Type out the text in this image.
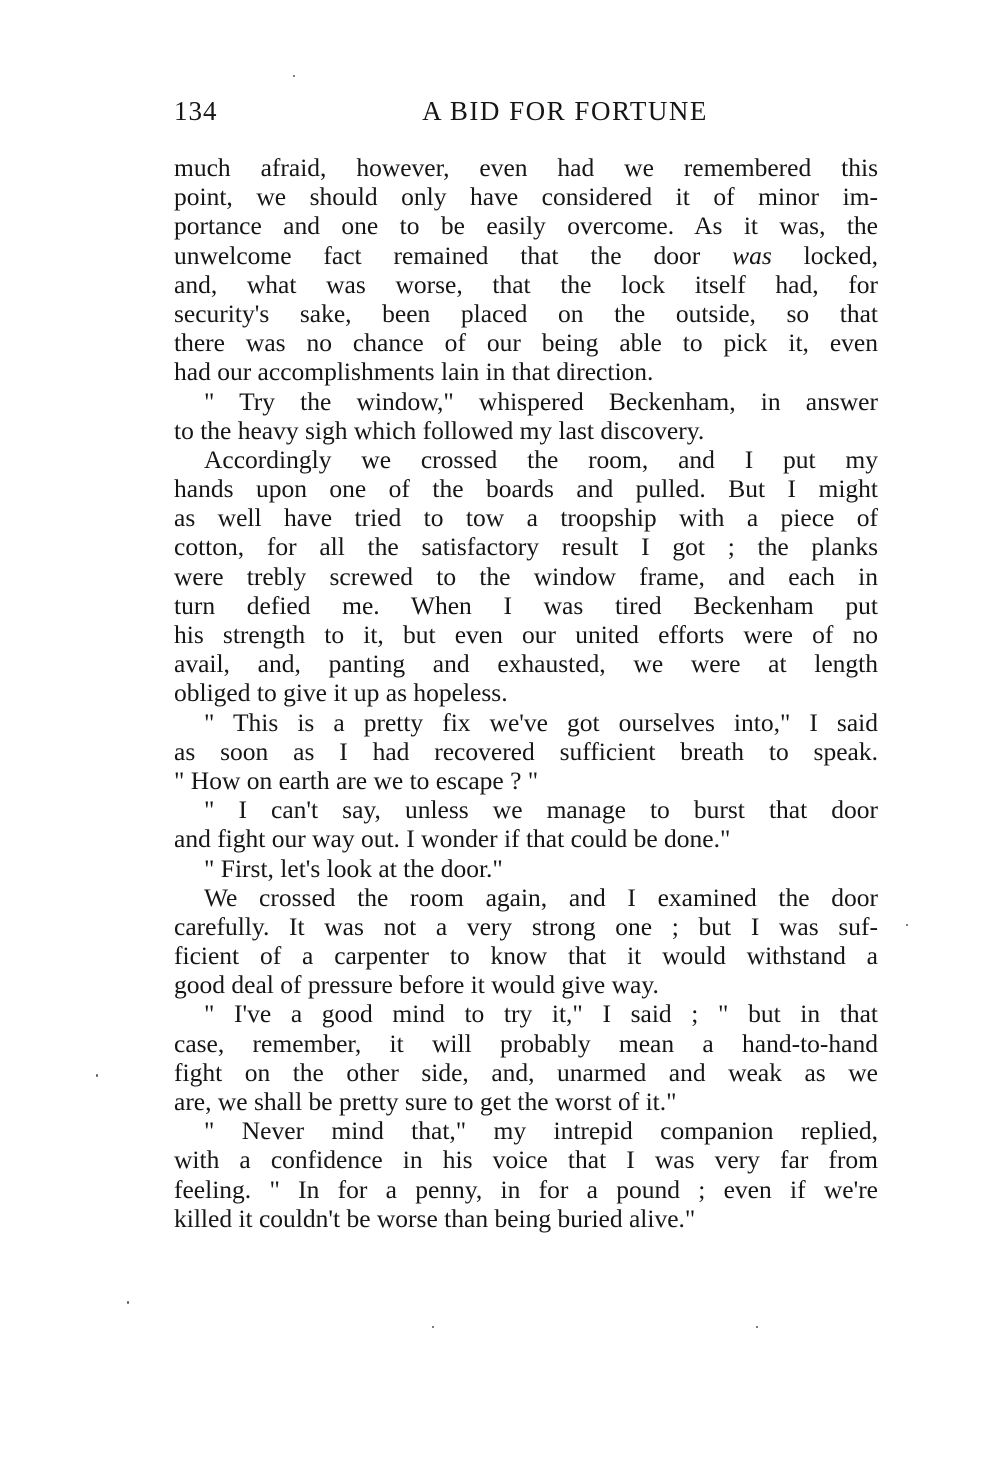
134	A BID FOR FORTUNE
much afraid, however, even had we remembered this
point, we should only have considered it of minor im-
portance and one to be easily overcome. As it was, the
unwelcome fact remained that the door was locked,
and, what was worse, that the lock itself had, for
security's sake, been placed on the outside, so that
there was no chance of our being able to pick it, even
had our accomplishments lain in that direction.
" Try the window," whispered Beckenham, in answer
to the heavy sigh which followed my last discovery.
Accordingly we crossed the room, and I put my
hands upon one of the boards and pulled. But I might
as well have tried to tow a troopship with a piece of
cotton, for all the satisfactory result I got ; the planks
were trebly screwed to the window frame, and each in
turn defied me. When I was tired Beckenham put
his strength to it, but even our united efforts were of no
avail, and, panting and exhausted, we were at length
obliged to give it up as hopeless.
" This is a pretty fix we've got ourselves into," I said
as soon as I had recovered sufficient breath to speak.
" How on earth are we to escape ? "
" I can't say, unless we manage to burst that door
and fight our way out. I wonder if that could be done."
" First, let's look at the door."
We crossed the room again, and I examined the door
carefully. It was not a very strong one ; but I was suf-
ficient of a carpenter to know that it would withstand a
good deal of pressure before it would give way.
" I've a good mind to try it," I said ; " but in that
case, remember, it will probably mean a hand-to-hand
fight on the other side, and, unarmed and weak as we
are, we shall be pretty sure to get the worst of it."
" Never mind that," my intrepid companion replied,
with a confidence in his voice that I was very far from
feeling. " In for a penny, in for a pound ; even if we're
killed it couldn't be worse than being buried alive."
